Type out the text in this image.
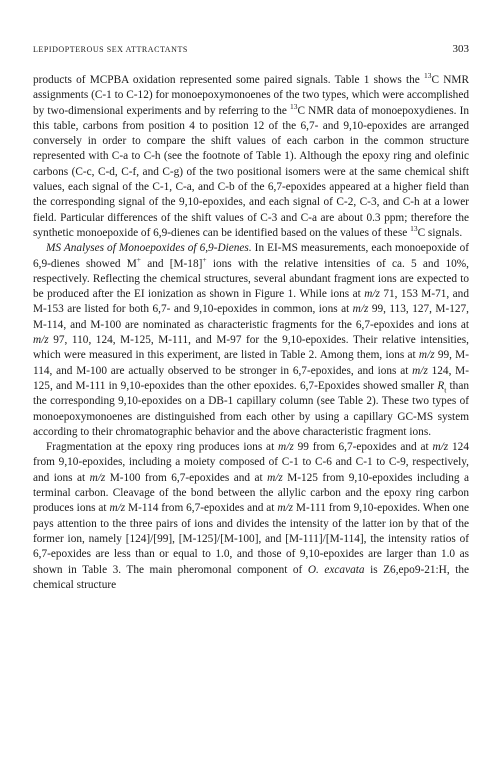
LEPIDOPTEROUS SEX ATTRACTANTS	303

products of MCPBA oxidation represented some paired signals. Table 1 shows the $^{13}$C NMR assignments (C-1 to C-12) for monoepoxymonoenes of the two types, which were accomplished by two-dimensional experiments and by referring to the $^{13}$C NMR data of monoepoxydienes. In this table, carbons from position 4 to position 12 of the 6,7- and 9,10-epoxides are arranged conversely in order to compare the shift values of each carbon in the common structure represented with C-a to C-h (see the footnote of Table 1). Although the epoxy ring and olefinic carbons (C-c, C-d, C-f, and C-g) of the two positional isomers were at the same chemical shift values, each signal of the C-1, C-a, and C-b of the 6,7-epoxides appeared at a higher field than the corresponding signal of the 9,10-epoxides, and each signal of C-2, C-3, and C-h at a lower field. Particular differences of the shift values of C-3 and C-a are about 0.3 ppm; therefore the synthetic monoepoxide of 6,9-dienes can be identified based on the values of these $^{13}$C signals.

MS Analyses of Monoepoxides of 6,9-Dienes. In EI-MS measurements, each monoepoxide of 6,9-dienes showed M+ and [M-18]+ ions with the relative intensities of ca. 5 and 10%, respectively. Reflecting the chemical structures, several abundant fragment ions are expected to be produced after the EI ionization as shown in Figure 1. While ions at m/z 71, 153 M-71, and M-153 are listed for both 6,7- and 9,10-epoxides in common, ions at m/z 99, 113, 127, M-127, M-114, and M-100 are nominated as characteristic fragments for the 6,7-epoxides and ions at m/z 97, 110, 124, M-125, M-111, and M-97 for the 9,10-epoxides. Their relative intensities, which were measured in this experiment, are listed in Table 2. Among them, ions at m/z 99, M-114, and M-100 are actually observed to be stronger in 6,7-epoxides, and ions at m/z 124, M-125, and M-111 in 9,10-epoxides than the other epoxides. 6,7-Epoxides showed smaller $R_t$ than the corresponding 9,10-epoxides on a DB-1 capillary column (see Table 2). These two types of monoepoxymonoenes are distinguished from each other by using a capillary GC-MS system according to their chromatographic behavior and the above characteristic fragment ions.

Fragmentation at the epoxy ring produces ions at m/z 99 from 6,7-epoxides and at m/z 124 from 9,10-epoxides, including a moiety composed of C-1 to C-6 and C-1 to C-9, respectively, and ions at m/z M-100 from 6,7-epoxides and at m/z M-125 from 9,10-epoxides including a terminal carbon. Cleavage of the bond between the allylic carbon and the epoxy ring carbon produces ions at m/z M-114 from 6,7-epoxides and at m/z M-111 from 9,10-epoxides. When one pays attention to the three pairs of ions and divides the intensity of the latter ion by that of the former ion, namely [124]/[99], [M-125]/[M-100], and [M-111]/[M-114], the intensity ratios of 6,7-epoxides are less than or equal to 1.0, and those of 9,10-epoxides are larger than 1.0 as shown in Table 3. The main pheromonal component of O. excavata is Z6,epo9-21:H, the chemical structure
